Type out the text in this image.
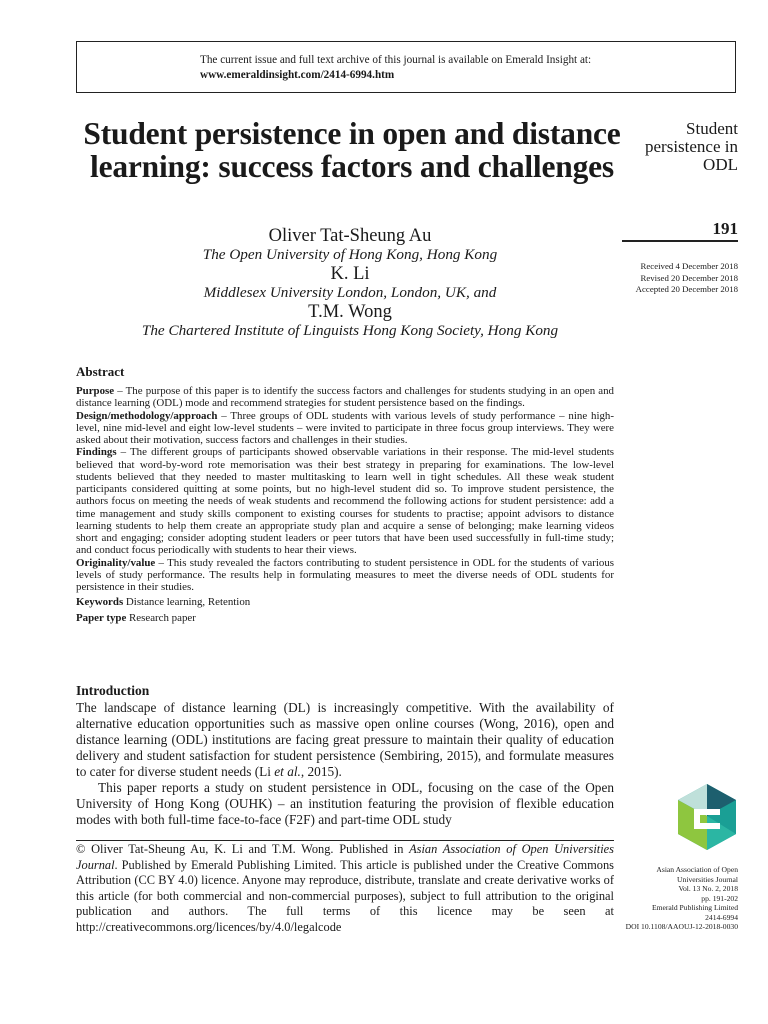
The current issue and full text archive of this journal is available on Emerald Insight at:
www.emeraldinsight.com/2414-6994.htm
Student persistence in open and distance learning: success factors and challenges
Oliver Tat-Sheung Au
The Open University of Hong Kong, Hong Kong
K. Li
Middlesex University London, London, UK, and
T.M. Wong
The Chartered Institute of Linguists Hong Kong Society, Hong Kong
Student
persistence in
ODL
191
Received 4 December 2018
Revised 20 December 2018
Accepted 20 December 2018
Abstract
Purpose – The purpose of this paper is to identify the success factors and challenges for students studying in an open and distance learning (ODL) mode and recommend strategies for student persistence based on the findings.
Design/methodology/approach – Three groups of ODL students with various levels of study performance – nine high-level, nine mid-level and eight low-level students – were invited to participate in three focus group interviews. They were asked about their motivation, success factors and challenges in their studies.
Findings – The different groups of participants showed observable variations in their response. The mid-level students believed that word-by-word rote memorisation was their best strategy in preparing for examinations. The low-level students believed that they needed to master multitasking to learn well in tight schedules. All these weak student participants considered quitting at some points, but no high-level student did so. To improve student persistence, the authors focus on meeting the needs of weak students and recommend the following actions for student persistence: add a time management and study skills component to existing courses for students to practise; appoint advisors to distance learning students to help them create an appropriate study plan and acquire a sense of belonging; make learning videos short and engaging; consider adopting student leaders or peer tutors that have been used successfully in full-time study; and conduct focus periodically with students to hear their views.
Originality/value – This study revealed the factors contributing to student persistence in ODL for the students of various levels of study performance. The results help in formulating measures to meet the diverse needs of ODL students for persistence in their studies.
Keywords Distance learning, Retention
Paper type Research paper
Introduction

The landscape of distance learning (DL) is increasingly competitive. With the availability of alternative education opportunities such as massive open online courses (Wong, 2016), open and distance learning (ODL) institutions are facing great pressure to maintain their quality of education delivery and student satisfaction for student persistence (Sembiring, 2015), and formulate measures to cater for diverse student needs (Li et al., 2015).

This paper reports a study on student persistence in ODL, focusing on the case of the Open University of Hong Kong (OUHK) – an institution featuring the provision of flexible education modes with both full-time face-to-face (F2F) and part-time ODL study

© Oliver Tat-Sheung Au, K. Li and T.M. Wong. Published in Asian Association of Open Universities Journal. Published by Emerald Publishing Limited. This article is published under the Creative Commons Attribution (CC BY 4.0) licence. Anyone may reproduce, distribute, translate and create derivative works of this article (for both commercial and non-commercial purposes), subject to full attribution to the original publication and authors. The full terms of this licence may be seen at http://creativecommons.org/licences/by/4.0/legalcode
Asian Association of Open
Universities Journal
Vol. 13 No. 2, 2018
pp. 191-202
Emerald Publishing Limited
2414-6994
DOI 10.1108/AAOUJ-12-2018-0030
